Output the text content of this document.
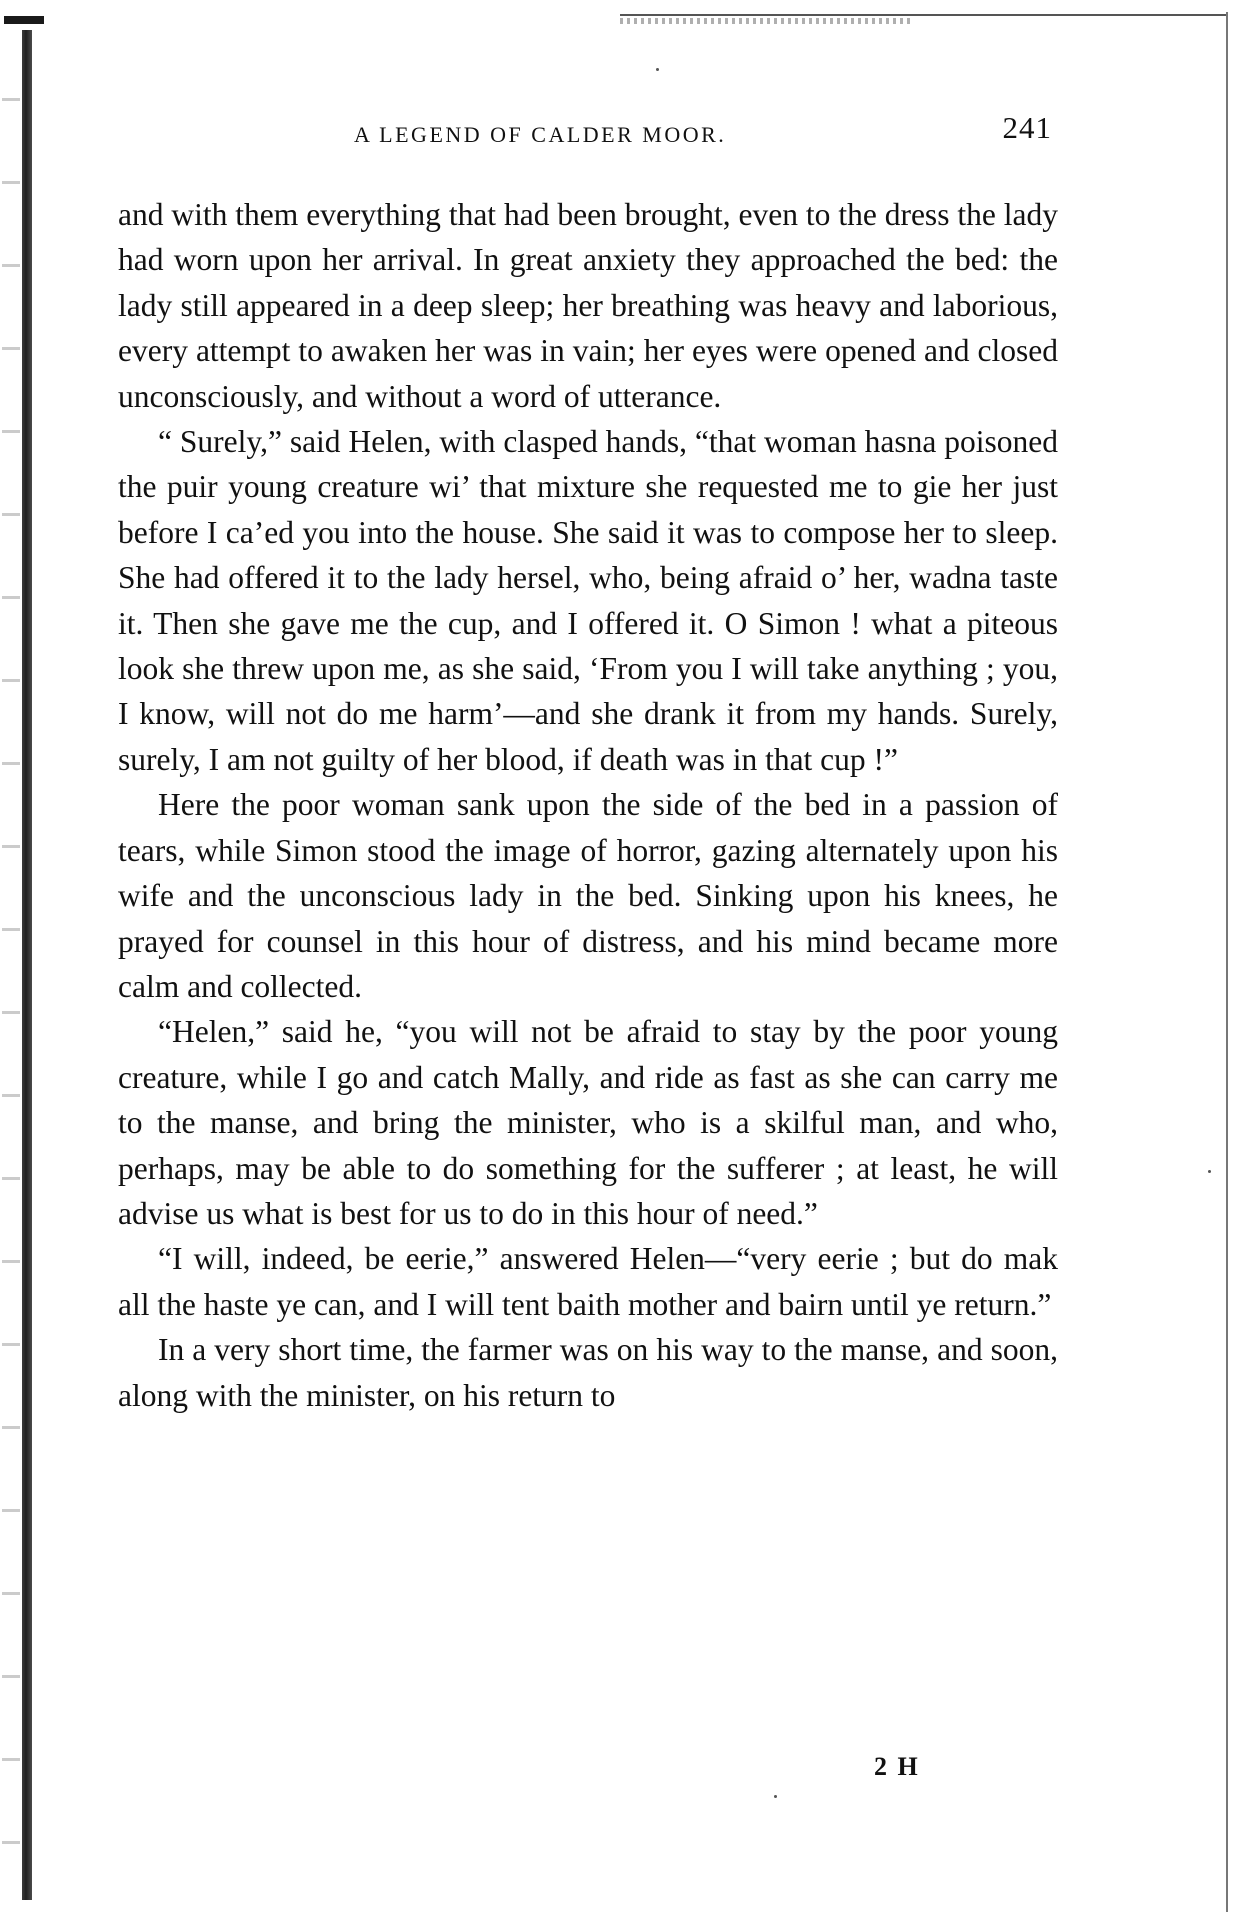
A LEGEND OF CALDER MOOR.	241

and with them everything that had been brought, even to the dress the lady had worn upon her arrival. In great anxiety they approached the bed: the lady still appeared in a deep sleep; her breathing was heavy and laborious, every attempt to awaken her was in vain; her eyes were opened and closed unconsciously, and without a word of utterance.

“ Surely,” said Helen, with clasped hands, “that woman hasna poisoned the puir young creature wi’ that mixture she requested me to gie her just before I ca’ed you into the house. She said it was to compose her to sleep. She had offered it to the lady hersel, who, being afraid o’ her, wadna taste it. Then she gave me the cup, and I offered it. O Simon ! what a piteous look she threw upon me, as she said, ‘From you I will take anything ; you, I know, will not do me harm’—and she drank it from my hands. Surely, surely, I am not guilty of her blood, if death was in that cup !”

Here the poor woman sank upon the side of the bed in a passion of tears, while Simon stood the image of horror, gazing alternately upon his wife and the unconscious lady in the bed. Sinking upon his knees, he prayed for counsel in this hour of distress, and his mind became more calm and collected.

“Helen,” said he, “you will not be afraid to stay by the poor young creature, while I go and catch Mally, and ride as fast as she can carry me to the manse, and bring the minister, who is a skilful man, and who, perhaps, may be able to do something for the sufferer ; at least, he will advise us what is best for us to do in this hour of need.”

“I will, indeed, be eerie,” answered Helen—“very eerie ; but do mak all the haste ye can, and I will tent baith mother and bairn until ye return.”

In a very short time, the farmer was on his way to the manse, and soon, along with the minister, on his return to

2 H
